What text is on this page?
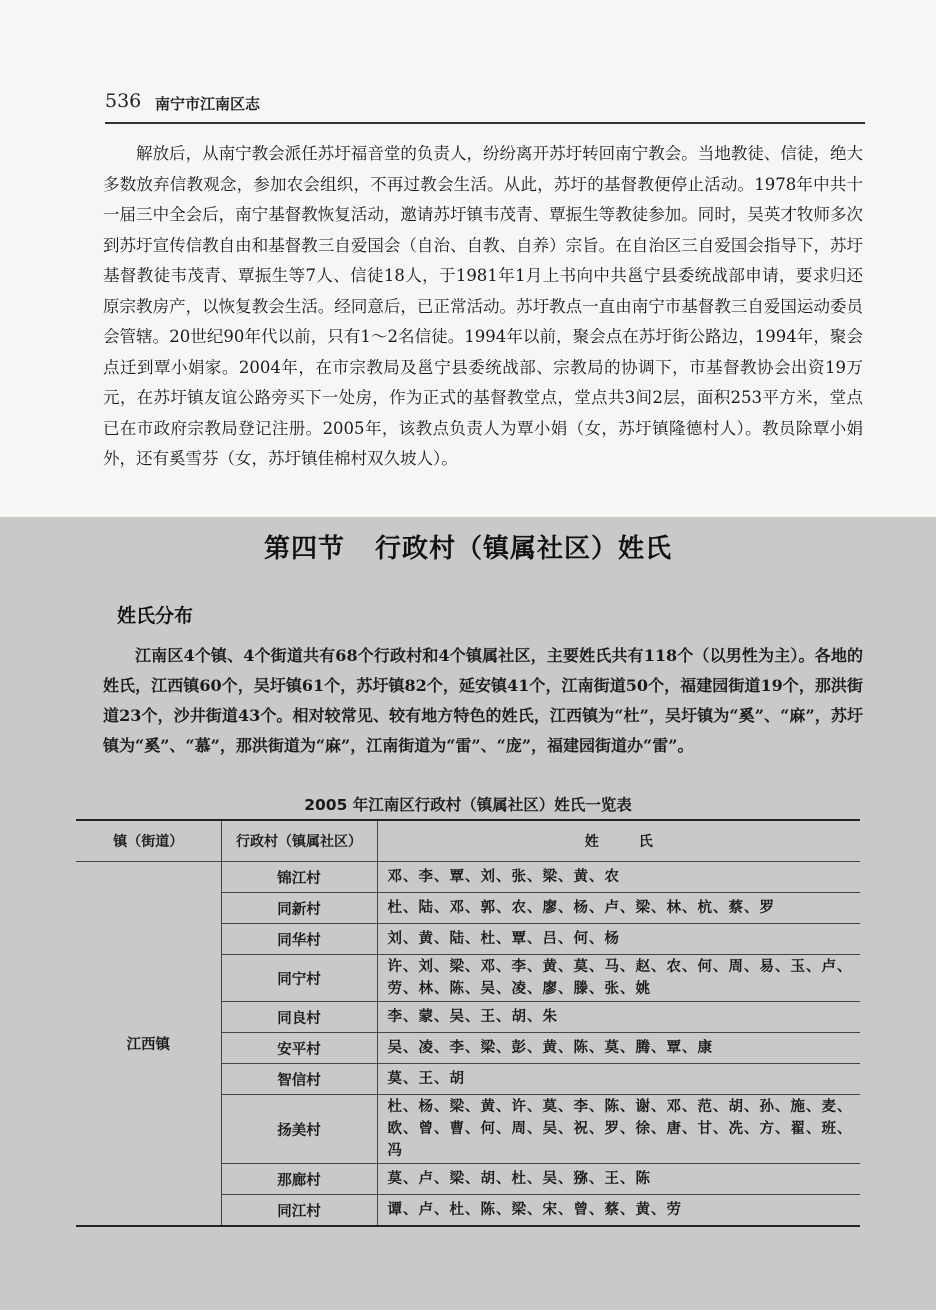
536 南宁市江南区志

解放后，从南宁教会派任苏圩福音堂的负责人，纷纷离开苏圩转回南宁教会。当地教徒、信徒，绝大多数放弃信教观念，参加农会组织，不再过教会生活。从此，苏圩的基督教便停止活动。1978年中共十一届三中全会后，南宁基督教恢复活动，邀请苏圩镇韦茂青、覃振生等教徒参加。同时，吴英才牧师多次到苏圩宣传信教自由和基督教三自爱国会（自治、自教、自养）宗旨。在自治区三自爱国会指导下，苏圩基督教徒韦茂青、覃振生等7人、信徒18人，于1981年1月上书向中共邕宁县委统战部申请，要求归还原宗教房产，以恢复教会生活。经同意后，已正常活动。苏圩教点一直由南宁市基督教三自爱国运动委员会管辖。20世纪90年代以前，只有1～2名信徒。1994年以前，聚会点在苏圩街公路边，1994年，聚会点迁到覃小娟家。2004年，在市宗教局及邕宁县委统战部、宗教局的协调下，市基督教协会出资19万元，在苏圩镇友谊公路旁买下一处房，作为正式的基督教堂点，堂点共3间2层，面积253平方米，堂点已在市政府宗教局登记注册。2005年，该教点负责人为覃小娟（女，苏圩镇隆德村人）。教员除覃小娟外，还有奚雪芬（女，苏圩镇佳棉村双久坡人）。

第四节 行政村（镇属社区）姓氏
姓氏分布

江南区4个镇、4个街道共有68个行政村和4个镇属社区，主要姓氏共有118个（以男性为主）。各地的姓氏，江西镇60个，吴圩镇61个，苏圩镇82个，延安镇41个，江南街道50个，福建园街道19个，那洪街道23个，沙井街道43个。相对较常见、较有地方特色的姓氏，江西镇为“杜”，吴圩镇为“奚”、“麻”，苏圩镇为“奚”、“慕”，那洪街道为“麻”，江南街道为“雷”、“庞”，福建园街道办“雷”。

2005 年江南区行政村（镇属社区）姓氏一览表
镇（街道）	行政村（镇属社区）	姓氏
江西镇	锦江村	邓、李、覃、刘、张、梁、黄、农
	同新村	杜、陆、邓、郭、农、廖、杨、卢、梁、林、杭、蔡、罗
	同华村	刘、黄、陆、杜、覃、吕、何、杨
	同宁村	许、刘、梁、邓、李、黄、莫、马、赵、农、何、周、易、玉、卢、劳、林、陈、吴、凌、廖、滕、张、姚
	同良村	李、蒙、吴、王、胡、朱
	安平村	吴、凌、李、梁、彭、黄、陈、莫、腾、覃、康
	智信村	莫、王、胡
	扬美村	杜、杨、梁、黄、许、莫、李、陈、谢、邓、范、胡、孙、施、麦、欧、曾、曹、何、周、吴、祝、罗、徐、唐、甘、冼、方、翟、班、冯
	那廊村	莫、卢、梁、胡、杜、吴、猕、王、陈
	同江村	谭、卢、杜、陈、梁、宋、曾、蔡、黄、劳
